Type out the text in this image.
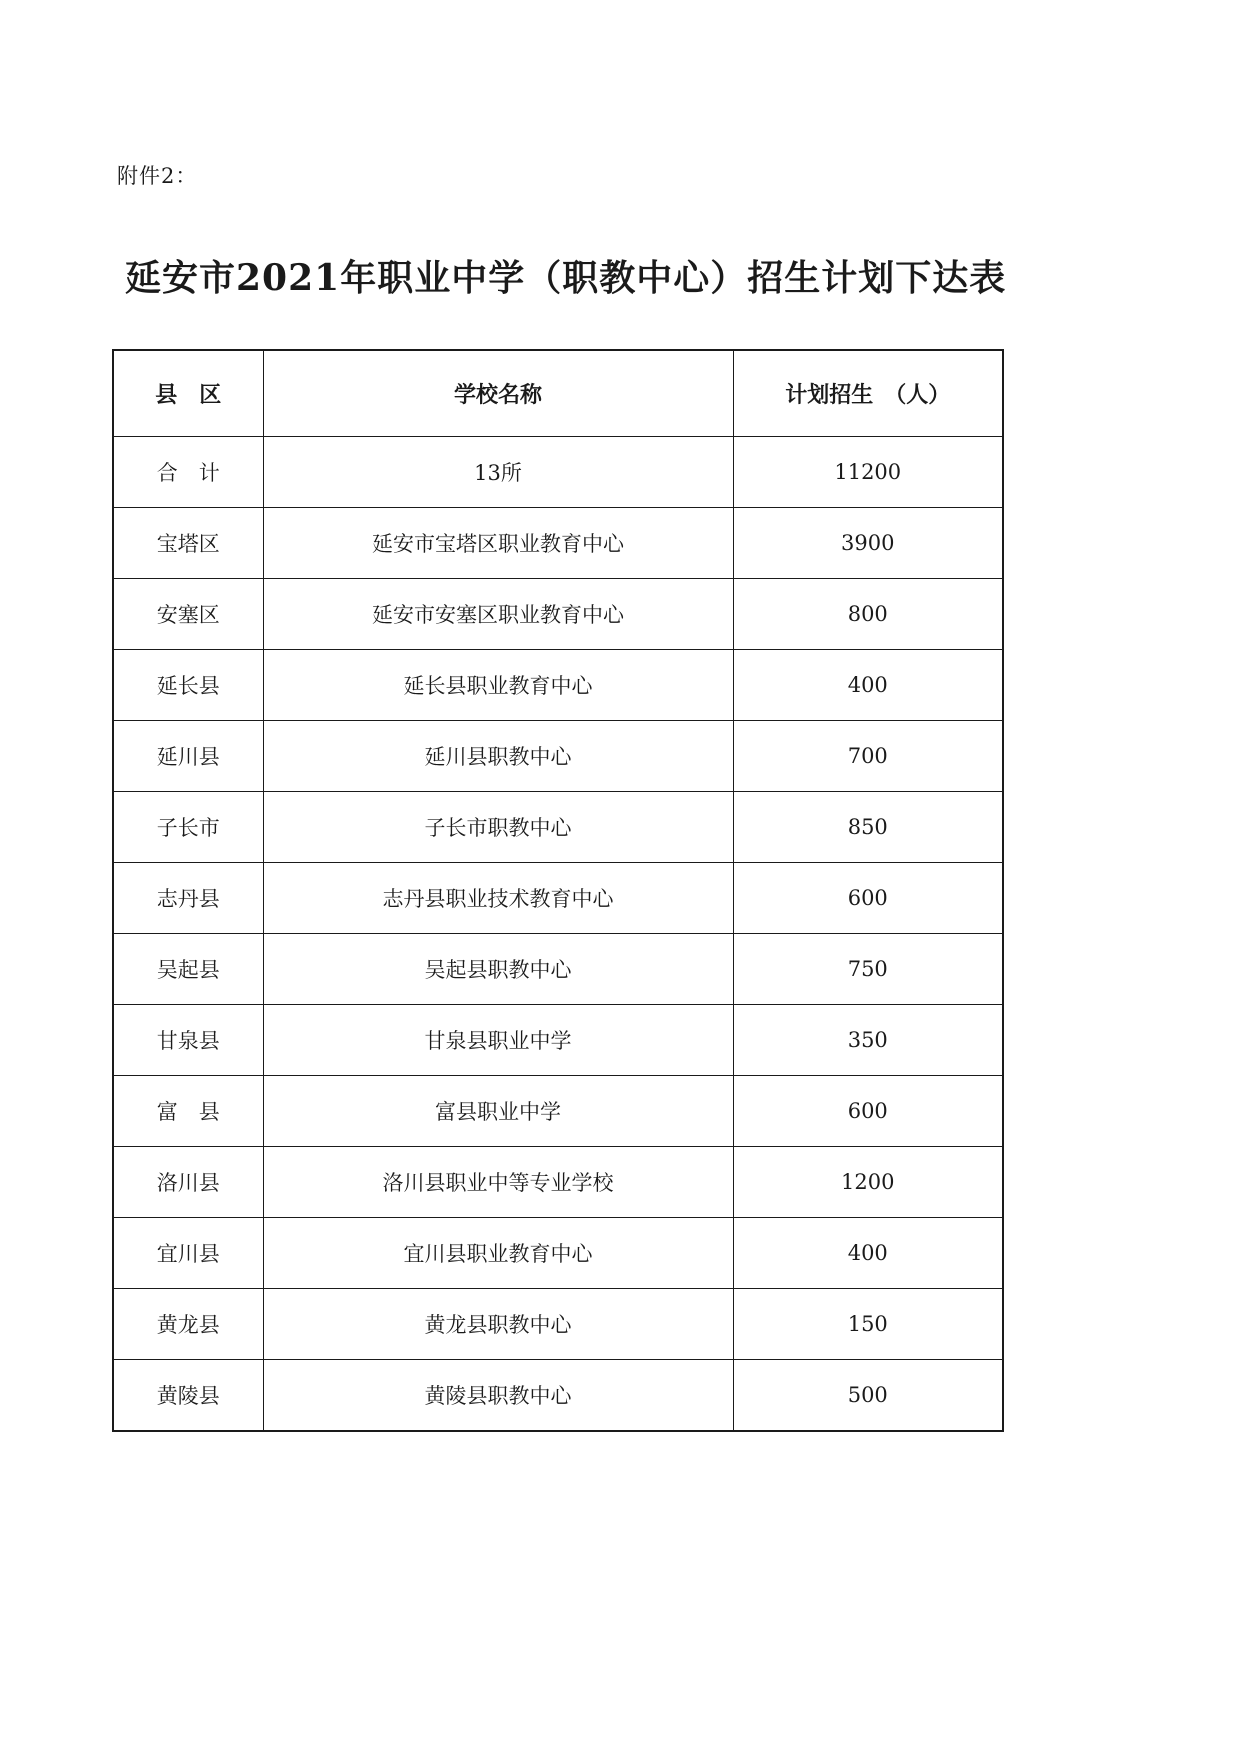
附件2：
延安市2021年职业中学（职教中心）招生计划下达表
县　区	学校名称	计划招生　（人）
合　计	13所	11200
宝塔区	延安市宝塔区职业教育中心	3900
安塞区	延安市安塞区职业教育中心	800
延长县	延长县职业教育中心	400
延川县	延川县职教中心	700
子长市	子长市职教中心	850
志丹县	志丹县职业技术教育中心	600
吴起县	吴起县职教中心	750
甘泉县	甘泉县职业中学	350
富　县	富县职业中学	600
洛川县	洛川县职业中等专业学校	1200
宜川县	宜川县职业教育中心	400
黄龙县	黄龙县职教中心	150
黄陵县	黄陵县职教中心	500
